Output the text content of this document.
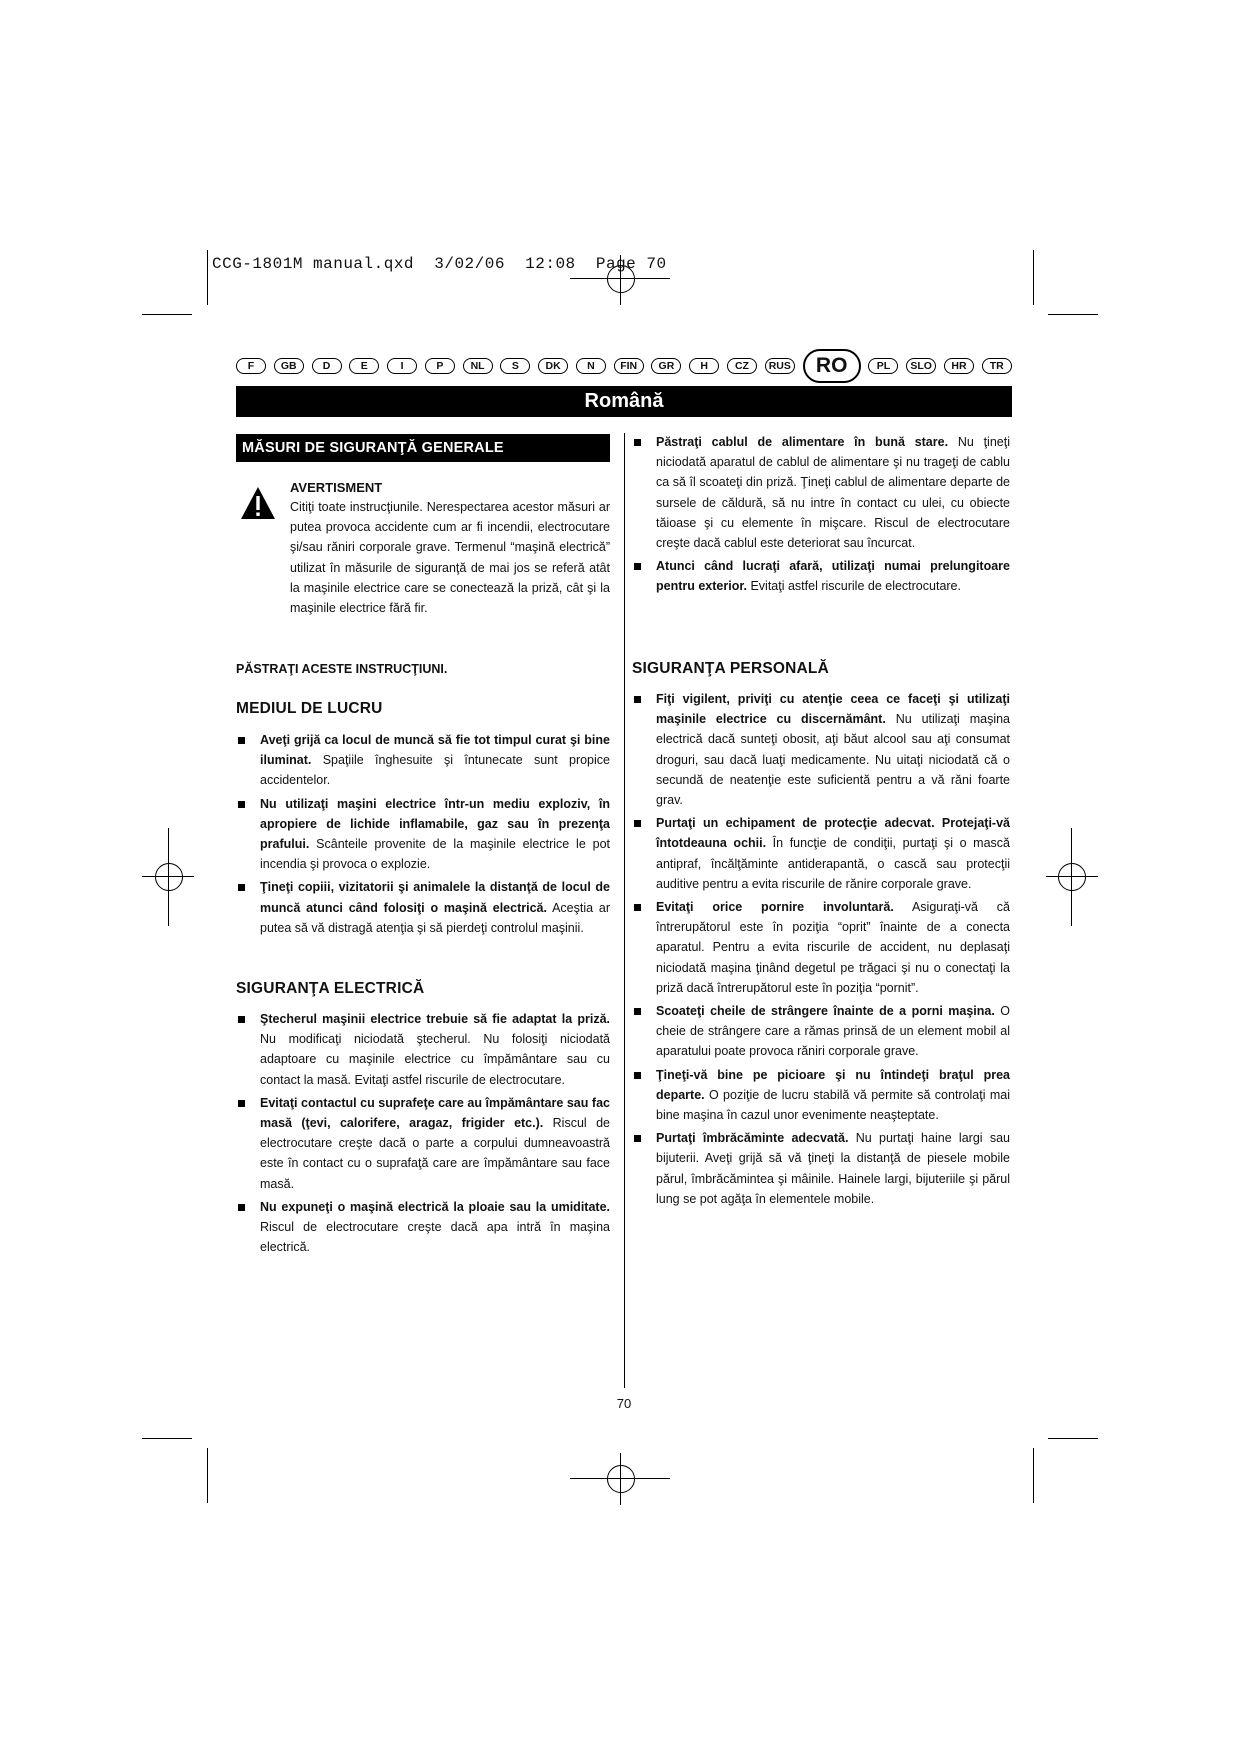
CCG-1801M manual.qxd  3/02/06  12:08  Page 70
F	GB	D	E	I	P	NL	S	DK	N	FIN	GR	H	CZ	RUS	RO	PL	SLO	HR	TR
Română
MĂSURI DE SIGURANŢĂ GENERALE
AVERTISMENT
Citiţi toate instrucţiunile. Nerespectarea acestor măsuri ar putea provoca accidente cum ar fi incendii, electrocutare şi/sau răniri corporale grave. Termenul “maşină electrică” utilizat în măsurile de siguranţă de mai jos se referă atât la maşinile electrice care se conectează la priză, cât şi la maşinile electrice fără fir.
PĂSTRAŢI ACESTE INSTRUCŢIUNI.
MEDIUL DE LUCRU
Aveţi grijă ca locul de muncă să fie tot timpul curat şi bine iluminat. Spaţiile înghesuite şi întunecate sunt propice accidentelor.
Nu utilizaţi maşini electrice într-un mediu exploziv, în apropiere de lichide inflamabile, gaz sau în prezenţa prafului. Scânteile provenite de la maşinile electrice le pot incendia şi provoca o explozie.
Ţineţi copiii, vizitatorii şi animalele la distanţă de locul de muncă atunci când folosiţi o maşină electrică. Aceştia ar putea să vă distragă atenţia şi să pierdeţi controlul maşinii.
SIGURANŢA ELECTRICĂ
Ştecherul maşinii electrice trebuie să fie adaptat la priză. Nu modificaţi niciodată ştecherul. Nu folosiţi niciodată adaptoare cu maşinile electrice cu împământare sau cu contact la masă. Evitaţi astfel riscurile de electrocutare.
Evitaţi contactul cu suprafeţe care au împământare sau fac masă (ţevi, calorifere, aragaz, frigider etc.). Riscul de electrocutare creşte dacă o parte a corpului dumneavoastră este în contact cu o suprafaţă care are împământare sau face masă.
Nu expuneţi o maşină electrică la ploaie sau la umiditate. Riscul de electrocutare creşte dacă apa intră în maşina electrică.
Păstraţi cablul de alimentare în bună stare. Nu ţineţi niciodată aparatul de cablul de alimentare şi nu trageţi de cablu ca să îl scoateţi din priză. Ţineţi cablul de alimentare departe de sursele de căldură, să nu intre în contact cu ulei, cu obiecte tăioase şi cu elemente în mişcare. Riscul de electrocutare creşte dacă cablul este deteriorat sau încurcat.
Atunci când lucraţi afară, utilizaţi numai prelungitoare pentru exterior. Evitaţi astfel riscurile de electrocutare.
SIGURANŢA PERSONALĂ
Fiţi vigilent, priviţi cu atenţie ceea ce faceţi şi utilizaţi maşinile electrice cu discernământ. Nu utilizaţi maşina electrică dacă sunteţi obosit, aţi băut alcool sau aţi consumat droguri, sau dacă luaţi medicamente. Nu uitaţi niciodată că o secundă de neatenţie este suficientă pentru a vă răni foarte grav.
Purtaţi un echipament de protecţie adecvat. Protejaţi-vă întotdeauna ochii. În funcţie de condiţii, purtaţi şi o mască antipraf, încălţăminte antiderapantă, o cască sau protecţii auditive pentru a evita riscurile de rănire corporale grave.
Evitaţi orice pornire involuntară. Asiguraţi-vă că întrerupătorul este în poziţia “oprit” înainte de a conecta aparatul. Pentru a evita riscurile de accident, nu deplasaţi niciodată maşina ţinând degetul pe trăgaci şi nu o conectaţi la priză dacă întrerupătorul este în poziţia “pornit”.
Scoateţi cheile de strângere înainte de a porni maşina. O cheie de strângere care a rămas prinsă de un element mobil al aparatului poate provoca răniri corporale grave.
Ţineţi-vă bine pe picioare şi nu întindeţi braţul prea departe. O poziţie de lucru stabilă vă permite să controlaţi mai bine maşina în cazul unor evenimente neaşteptate.
Purtaţi îmbrăcăminte adecvată. Nu purtaţi haine largi sau bijuterii. Aveţi grijă să vă ţineţi la distanţă de piesele mobile părul, îmbrăcămintea şi mâinile. Hainele largi, bijuteriile şi părul lung se pot agăţa în elementele mobile.
70
